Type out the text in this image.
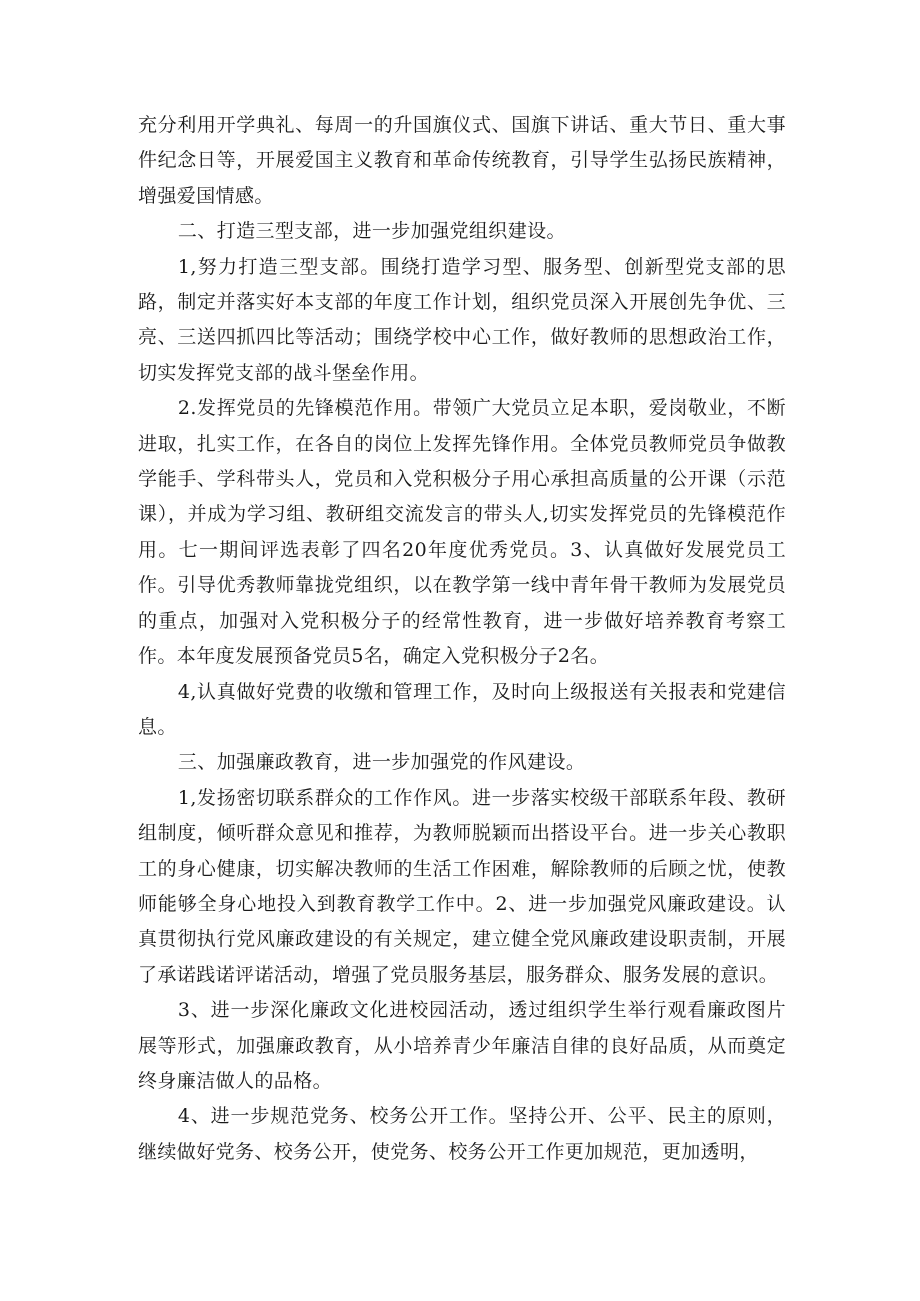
充分利用开学典礼、每周一的升国旗仪式、国旗下讲话、重大节日、重大事件纪念日等，开展爱国主义教育和革命传统教育，引导学生弘扬民族精神，增强爱国情感。

二、打造三型支部，进一步加强党组织建设。

1,努力打造三型支部。围绕打造学习型、服务型、创新型党支部的思路，制定并落实好本支部的年度工作计划，组织党员深入开展创先争优、三亮、三送四抓四比等活动；围绕学校中心工作，做好教师的思想政治工作，切实发挥党支部的战斗堡垒作用。

2.发挥党员的先锋模范作用。带领广大党员立足本职，爱岗敬业，不断进取，扎实工作，在各自的岗位上发挥先锋作用。全体党员教师党员争做教学能手、学科带头人，党员和入党积极分子用心承担高质量的公开课（示范课），并成为学习组、教研组交流发言的带头人,切实发挥党员的先锋模范作用。七一期间评选表彰了四名20年度优秀党员。3、认真做好发展党员工作。引导优秀教师靠拢党组织，以在教学第一线中青年骨干教师为发展党员的重点，加强对入党积极分子的经常性教育，进一步做好培养教育考察工作。本年度发展预备党员5名，确定入党积极分子2名。

4,认真做好党费的收缴和管理工作，及时向上级报送有关报表和党建信息。

三、加强廉政教育，进一步加强党的作风建设。

1,发扬密切联系群众的工作作风。进一步落实校级干部联系年段、教研组制度，倾听群众意见和推荐，为教师脱颖而出搭设平台。进一步关心教职工的身心健康，切实解决教师的生活工作困难，解除教师的后顾之忧，使教师能够全身心地投入到教育教学工作中。2、进一步加强党风廉政建设。认真贯彻执行党风廉政建设的有关规定，建立健全党风廉政建设职责制，开展了承诺践诺评诺活动，增强了党员服务基层，服务群众、服务发展的意识。

3、进一步深化廉政文化进校园活动，透过组织学生举行观看廉政图片展等形式，加强廉政教育，从小培养青少年廉洁自律的良好品质，从而奠定终身廉洁做人的品格。

4、进一步规范党务、校务公开工作。坚持公开、公平、民主的原则，继续做好党务、校务公开，使党务、校务公开工作更加规范，更加透明，
